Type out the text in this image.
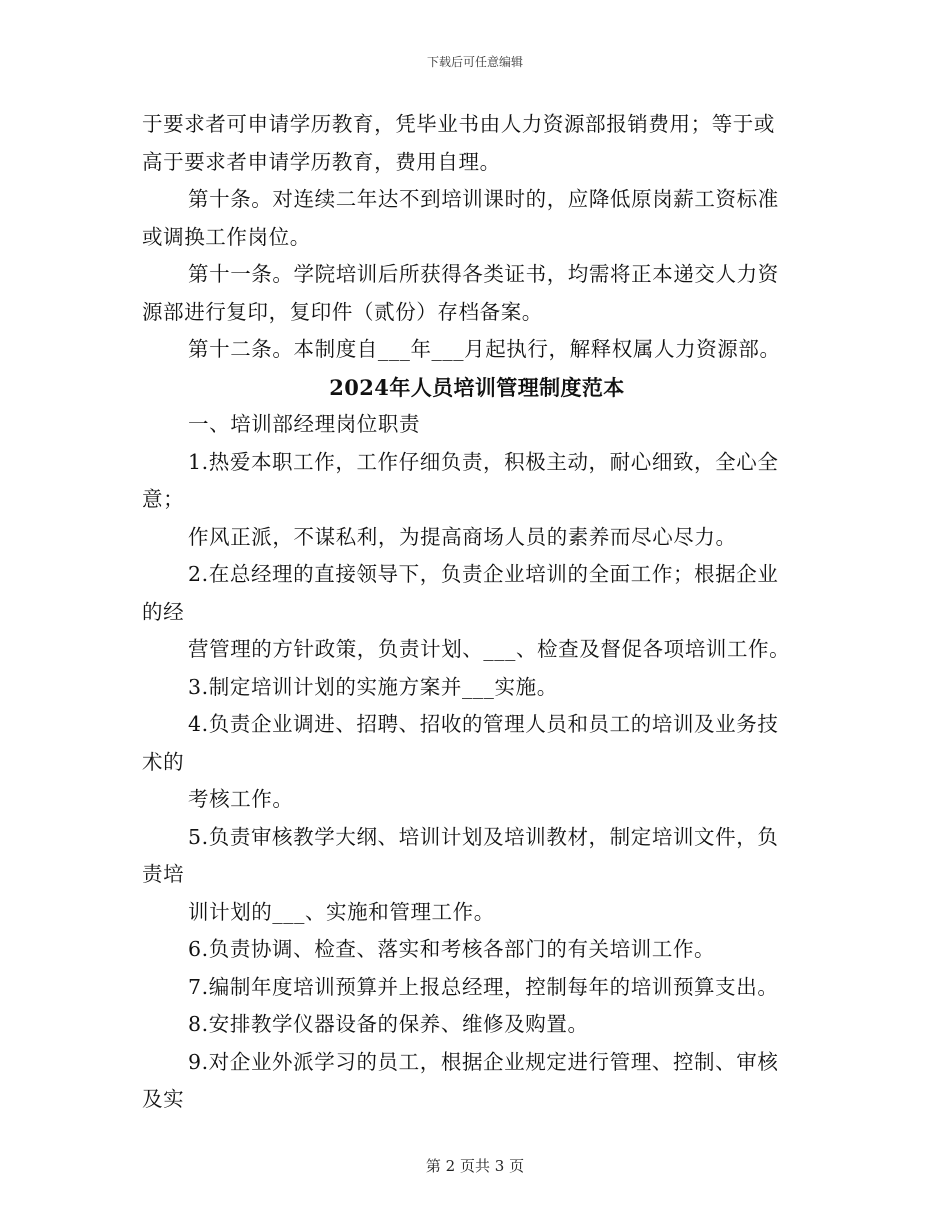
下载后可任意编辑
于要求者可申请学历教育，凭毕业书由人力资源部报销费用；等于或
高于要求者申请学历教育，费用自理。
第十条。对连续二年达不到培训课时的，应降低原岗薪工资标准
或调换工作岗位。
第十一条。学院培训后所获得各类证书，均需将正本递交人力资
源部进行复印，复印件（贰份）存档备案。
第十二条。本制度自___年___月起执行，解释权属人力资源部。
2024年人员培训管理制度范本
一、培训部经理岗位职责
1.热爱本职工作，工作仔细负责，积极主动，耐心细致，全心全
意；
作风正派，不谋私利，为提高商场人员的素养而尽心尽力。
2.在总经理的直接领导下，负责企业培训的全面工作；根据企业
的经
营管理的方针政策，负责计划、___、检查及督促各项培训工作。
3.制定培训计划的实施方案并___实施。
4.负责企业调进、招聘、招收的管理人员和员工的培训及业务技
术的
考核工作。
5.负责审核教学大纲、培训计划及培训教材，制定培训文件，负
责培
训计划的___、实施和管理工作。
6.负责协调、检查、落实和考核各部门的有关培训工作。
7.编制年度培训预算并上报总经理，控制每年的培训预算支出。
8.安排教学仪器设备的保养、维修及购置。
9.对企业外派学习的员工，根据企业规定进行管理、控制、审核
及实
第 2 页共 3 页
